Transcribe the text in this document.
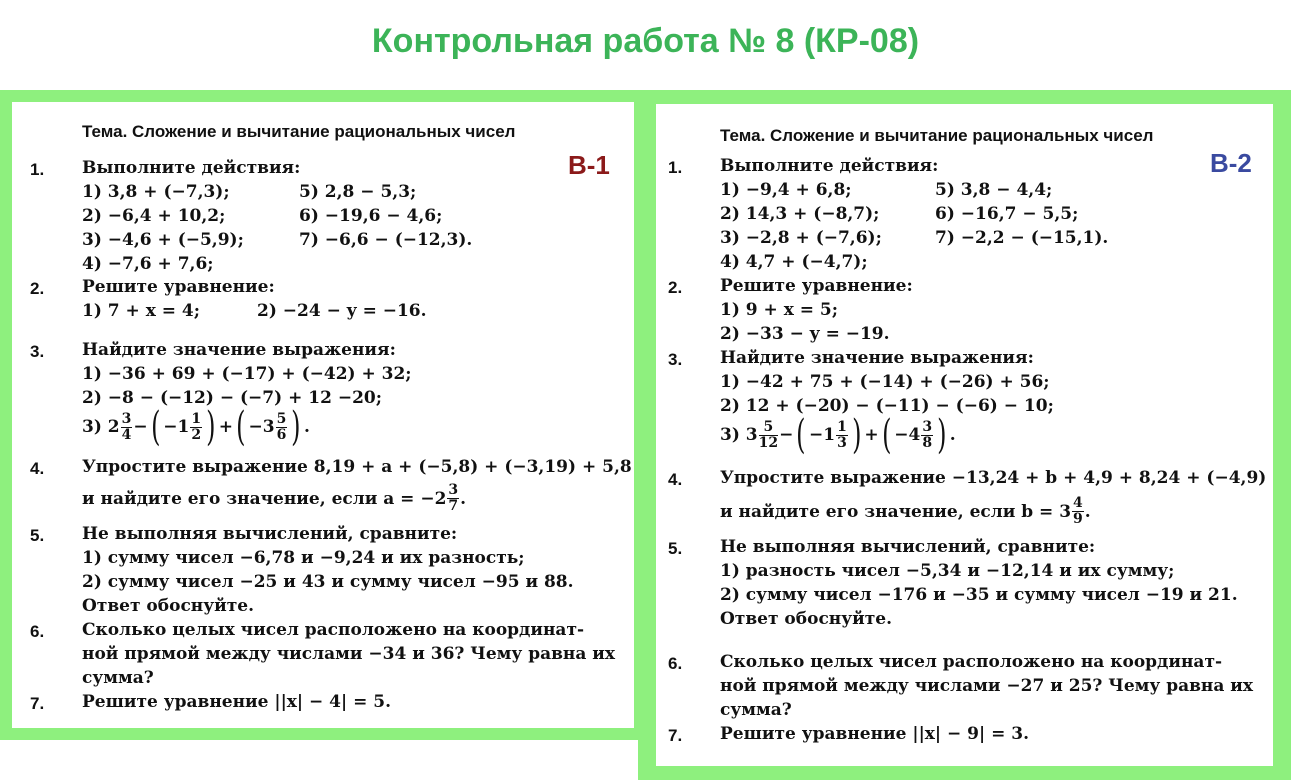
Контрольная работа № 8 (КР-08)
Тема. Сложение и вычитание рациональных чисел
В-1
1. Выполните действия:
1) 3,8 + (−7,3);
2) −6,4 + 10,2;
3) −4,6 + (−5,9);
4) −7,6 + 7,6;
5) 2,8 − 5,3;
6) −19,6 − 4,6;
7) −6,6 − (−12,3).
2. Решите уравнение:
1) 7 + x = 4;	2) −24 − y = −16.
3. Найдите значение выражения:
1) −36 + 69 + (−17) + (−42) + 32;
2) −8 − (−12) − (−7) + 12 −20;
3)
$2 \frac{3}{4}$ − ( $-1 \frac{1}{2}$ ) + ( $-3 \frac{5}{6}$ ) .
4. Упростите выражение 8,19 + a + (−5,8) + (−3,19) + 5,8
и найдите его значение, если $a = -2 \frac{3}{7}$ .
5. Не выполняя вычислений, сравните:
1) сумму чисел −6,78 и −9,24 и их разность;
2) сумму чисел −25 и 43 и сумму чисел −95 и 88.
Ответ обоснуйте.
6. Сколько целых чисел расположено на координат-
ной прямой между числами −34 и 36? Чему равна их
сумма?
7. Решите уравнение ||x| − 4| = 5.
Тема. Сложение и вычитание рациональных чисел
В-2
1. Выполните действия:
1) −9,4 + 6,8;
2) 14,3 + (−8,7);
3) −2,8 + (−7,6);
4) 4,7 + (−4,7);
5) 3,8 − 4,4;
6) −16,7 − 5,5;
7) −2,2 − (−15,1).
2. Решите уравнение:
1) 9 + x = 5;
2) −33 − y = −19.
3. Найдите значение выражения:
1) −42 + 75 + (−14) + (−26) + 56;
2) 12 + (−20) − (−11) − (−6) − 10;
3)
$3 \frac{5}{12}$ − ( $-1 \frac{1}{3}$ ) + ( $-4 \frac{3}{8}$ ) .
4. Упростите выражение −13,24 + b + 4,9 + 8,24 + (−4,9)
и найдите его значение, если $b = 3 \frac{4}{9}$ .
5. Не выполняя вычислений, сравните:
1) разность чисел −5,34 и −12,14 и их сумму;
2) сумму чисел −176 и −35 и сумму чисел −19 и 21.
Ответ обоснуйте.
6. Сколько целых чисел расположено на координат-
ной прямой между числами −27 и 25? Чему равна их
сумма?
7. Решите уравнение ||x| − 9| = 3.
